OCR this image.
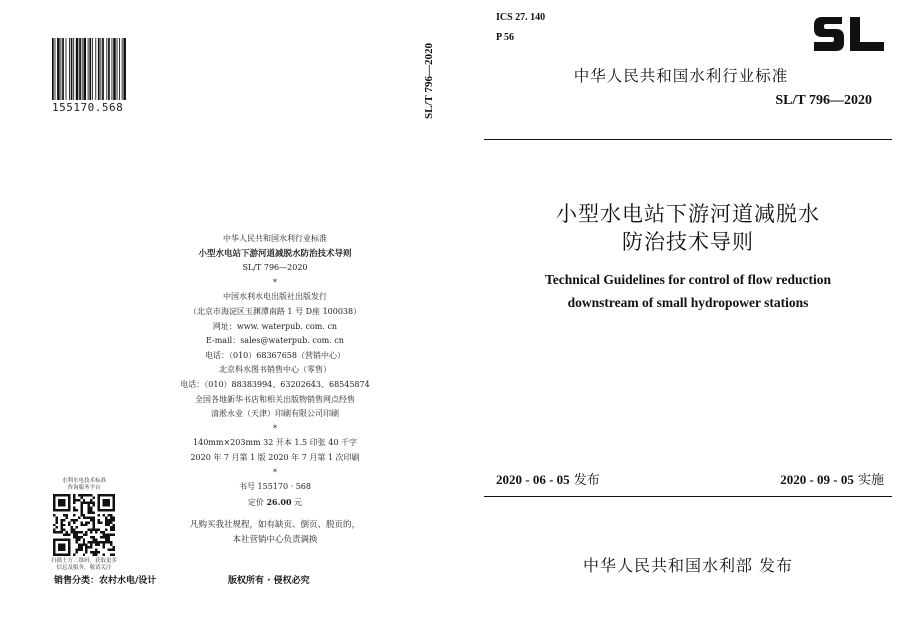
155170.568	SL/T 796—2020
中华人民共和国水利行业标准
小型水电站下游河道减脱水防治技术导则
SL/T 796—2020
*
中国水利水电出版社出版发行
（北京市海淀区玉渊潭南路 1 号 D座 100038）
网址：www. waterpub. com. cn
E-mail：sales@waterpub. com. cn
电话：（010）68367658（营销中心）
北京科水图书销售中心（零售）
电话：（010）88383994、63202643、68545874
全国各地新华书店和相关出版物销售网点经售
清淞永业（天津）印刷有限公司印刷
*
140mm×203mm 32 开本 1.5 印张 40 千字
2020 年 7 月第 1 版 2020 年 7 月第 1 次印刷
*
书号 155170 · 568
定价 26.00 元
凡购买我社规程，如有缺页、倒页、脱页的，
本社营销中心负责调换
水利水电技术标准
咨询服务平台
扫描上方二维码，获取更多
信息及服务，敬请关注
销售分类：农村水电/设计	版权所有 · 侵权必究
ICS 27. 140
P 56
中华人民共和国水利行业标准
SL/T 796—2020
小型水电站下游河道减脱水
防治技术导则
Technical Guidelines for control of flow reduction
downstream of small hydropower stations
2020 - 06 - 05 发布	2020 - 09 - 05 实施
中华人民共和国水利部 发布
